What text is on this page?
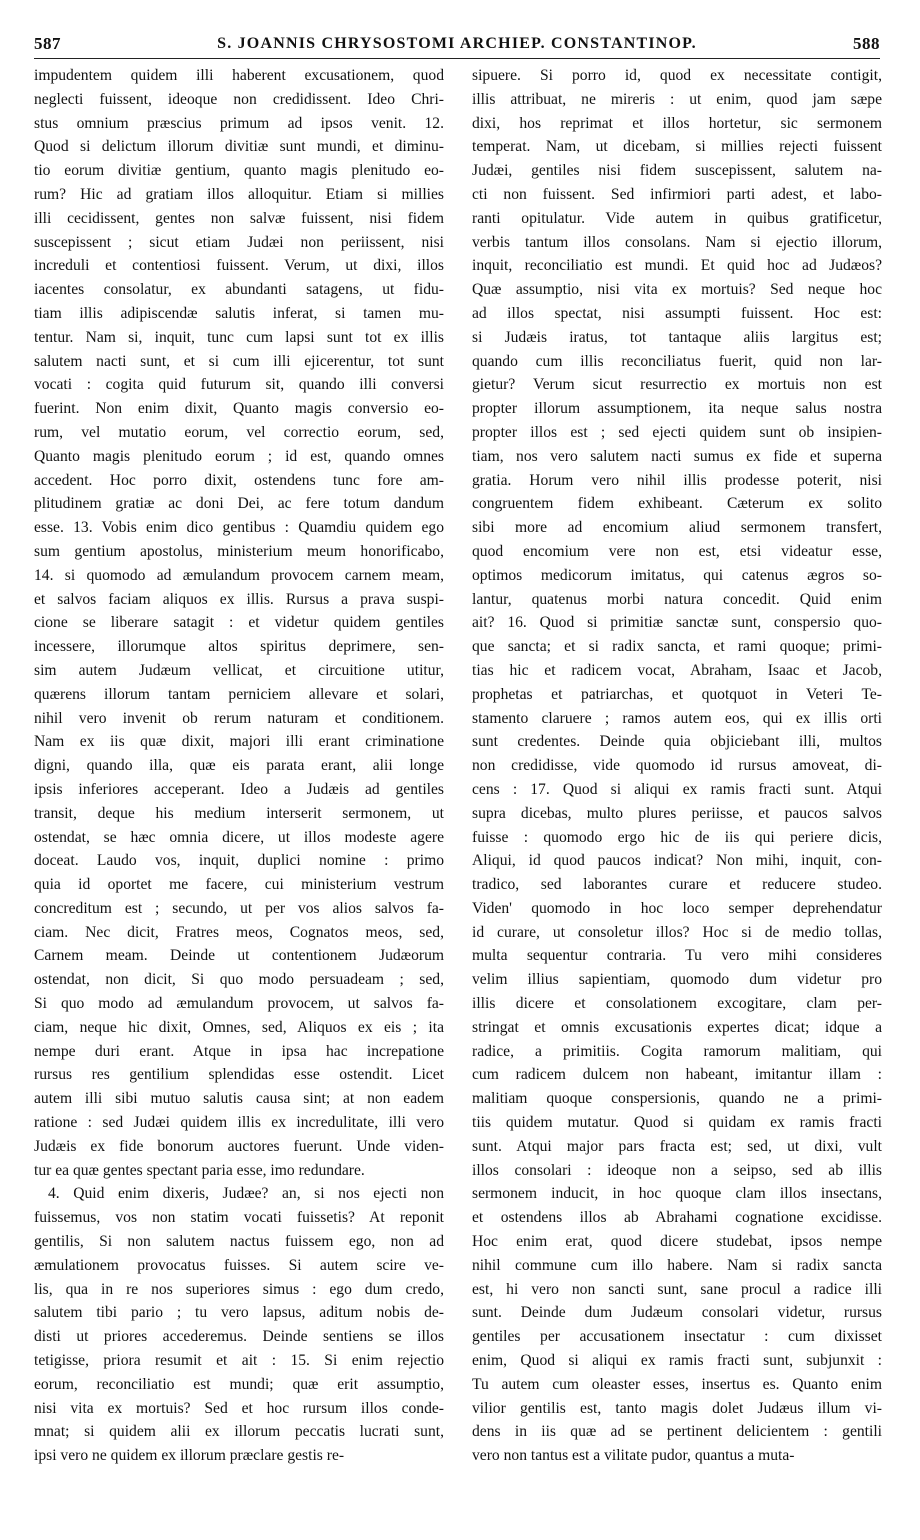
587	S. JOANNIS CHRYSOSTOMI ARCHIEP. CONSTANTINOP.	588
impudentem quidem illi haberent excusationem, quod
neglecti fuissent, ideoque non credidissent. Ideo Chri-
stus omnium præscius primum ad ipsos venit. 12.
Quod si delictum illorum divitiæ sunt mundi, et diminu-
tio eorum divitiæ gentium, quanto magis plenitudo eo-
rum? Hic ad gratiam illos alloquitur. Etiam si millies
illi cecidissent, gentes non salvæ fuissent, nisi fidem
suscepissent ; sicut etiam Judæi non periissent, nisi
increduli et contentiosi fuissent. Verum, ut dixi, illos
iacentes consolatur, ex abundanti satagens, ut fidu-
tiam illis adipiscendæ salutis inferat, si tamen mu-
tentur. Nam si, inquit, tunc cum lapsi sunt tot ex illis
salutem nacti sunt, et si cum illi ejicerentur, tot sunt
vocati : cogita quid futurum sit, quando illi conversi
fuerint. Non enim dixit, Quanto magis conversio eo-
rum, vel mutatio eorum, vel correctio eorum, sed,
Quanto magis plenitudo eorum ; id est, quando omnes
accedent. Hoc porro dixit, ostendens tunc fore am-
plitudinem gratiæ ac doni Dei, ac fere totum dandum
esse. 13. Vobis enim dico gentibus : Quamdiu quidem ego
sum gentium apostolus, ministerium meum honorificabo,
14. si quomodo ad æmulandum provocem carnem meam,
et salvos faciam aliquos ex illis. Rursus a prava suspi-
cione se liberare satagit : et videtur quidem gentiles
incessere, illorumque altos spiritus deprimere, sen-
sim autem Judæum vellicat, et circuitione utitur,
quærens illorum tantam perniciem allevare et solari,
nihil vero invenit ob rerum naturam et conditionem.
Nam ex iis quæ dixit, majori illi erant criminatione
digni, quando illa, quæ eis parata erant, alii longe
ipsis inferiores acceperant. Ideo a Judæis ad gentiles
transit, deque his medium interserit sermonem, ut
ostendat, se hæc omnia dicere, ut illos modeste agere
doceat. Laudo vos, inquit, duplici nomine : primo
quia id oportet me facere, cui ministerium vestrum
concreditum est ; secundo, ut per vos alios salvos fa-
ciam. Nec dicit, Fratres meos, Cognatos meos, sed,
Carnem meam. Deinde ut contentionem Judæorum
ostendat, non dicit, Si quo modo persuadeam ; sed,
Si quo modo ad æmulandum provocem, ut salvos fa-
ciam, neque hic dixit, Omnes, sed, Aliquos ex eis ; ita
nempe duri erant. Atque in ipsa hac increpatione
rursus res gentilium splendidas esse ostendit. Licet
autem illi sibi mutuo salutis causa sint; at non eadem
ratione : sed Judæi quidem illis ex incredulitate, illi vero
Judæis ex fide bonorum auctores fuerunt. Unde viden-
tur ea quæ gentes spectant paria esse, imo redundare.
4. Quid enim dixeris, Judæe? an, si nos ejecti non
fuissemus, vos non statim vocati fuissetis? At reponit
gentilis, Si non salutem nactus fuissem ego, non ad
æmulationem provocatus fuisses. Si autem scire ve-
lis, qua in re nos superiores simus : ego dum credo,
salutem tibi pario ; tu vero lapsus, aditum nobis de-
disti ut priores accederemus. Deinde sentiens se illos
tetigisse, priora resumit et ait : 15. Si enim rejectio
eorum, reconciliatio est mundi; quæ erit assumptio,
nisi vita ex mortuis? Sed et hoc rursum illos conde-
mnat; si quidem alii ex illorum peccatis lucrati sunt,
ipsi vero ne quidem ex illorum præclare gestis re-
sipuere. Si porro id, quod ex necessitate contigit,
illis attribuat, ne mireris : ut enim, quod jam sæpe
dixi, hos reprimat et illos hortetur, sic sermonem
temperat. Nam, ut dicebam, si millies rejecti fuissent
Judæi, gentiles nisi fidem suscepissent, salutem na-
cti non fuissent. Sed infirmiori parti adest, et labo-
ranti opitulatur. Vide autem in quibus gratificetur,
verbis tantum illos consolans. Nam si ejectio illorum,
inquit, reconciliatio est mundi. Et quid hoc ad Judæos?
Quæ assumptio, nisi vita ex mortuis? Sed neque hoc
ad illos spectat, nisi assumpti fuissent. Hoc est:
si Judæis iratus, tot tantaque aliis largitus est;
quando cum illis reconciliatus fuerit, quid non lar-
gietur? Verum sicut resurrectio ex mortuis non est
propter illorum assumptionem, ita neque salus nostra
propter illos est ; sed ejecti quidem sunt ob insipien-
tiam, nos vero salutem nacti sumus ex fide et superna
gratia. Horum vero nihil illis prodesse poterit, nisi
congruentem fidem exhibeant. Cæterum ex solito
sibi more ad encomium aliud sermonem transfert,
quod encomium vere non est, etsi videatur esse,
optimos medicorum imitatus, qui catenus ægros so-
lantur, quatenus morbi natura concedit. Quid enim
ait? 16. Quod si primitiæ sanctæ sunt, conspersio quo-
que sancta; et si radix sancta, et rami quoque; primi-
tias hic et radicem vocat, Abraham, Isaac et Jacob,
prophetas et patriarchas, et quotquot in Veteri Te-
stamento claruere ; ramos autem eos, qui ex illis orti
sunt credentes. Deinde quia objiciebant illi, multos
non credidisse, vide quomodo id rursus amoveat, di-
cens : 17. Quod si aliqui ex ramis fracti sunt. Atqui
supra dicebas, multo plures periisse, et paucos salvos
fuisse : quomodo ergo hic de iis qui periere dicis,
Aliqui, id quod paucos indicat? Non mihi, inquit, con-
tradico, sed laborantes curare et reducere studeo.
Viden' quomodo in hoc loco semper deprehendatur
id curare, ut consoletur illos? Hoc si de medio tollas,
multa sequentur contraria. Tu vero mihi consideres
velim illius sapientiam, quomodo dum videtur pro
illis dicere et consolationem excogitare, clam per-
stringat et omnis excusationis expertes dicat; idque a
radice, a primitiis. Cogita ramorum malitiam, qui
cum radicem dulcem non habeant, imitantur illam :
malitiam quoque conspersionis, quando ne a primi-
tiis quidem mutatur. Quod si quidam ex ramis fracti
sunt. Atqui major pars fracta est; sed, ut dixi, vult
illos consolari : ideoque non a seipso, sed ab illis
sermonem inducit, in hoc quoque clam illos insectans,
et ostendens illos ab Abrahami cognatione excidisse.
Hoc enim erat, quod dicere studebat, ipsos nempe
nihil commune cum illo habere. Nam si radix sancta
est, hi vero non sancti sunt, sane procul a radice illi
sunt. Deinde dum Judæum consolari videtur, rursus
gentiles per accusationem insectatur : cum dixisset
enim, Quod si aliqui ex ramis fracti sunt, subjunxit :
Tu autem cum oleaster esses, insertus es. Quanto enim
vilior gentilis est, tanto magis dolet Judæus illum vi-
dens in iis quæ ad se pertinent delicientem : gentili
vero non tantus est a vilitate pudor, quantus a muta-
